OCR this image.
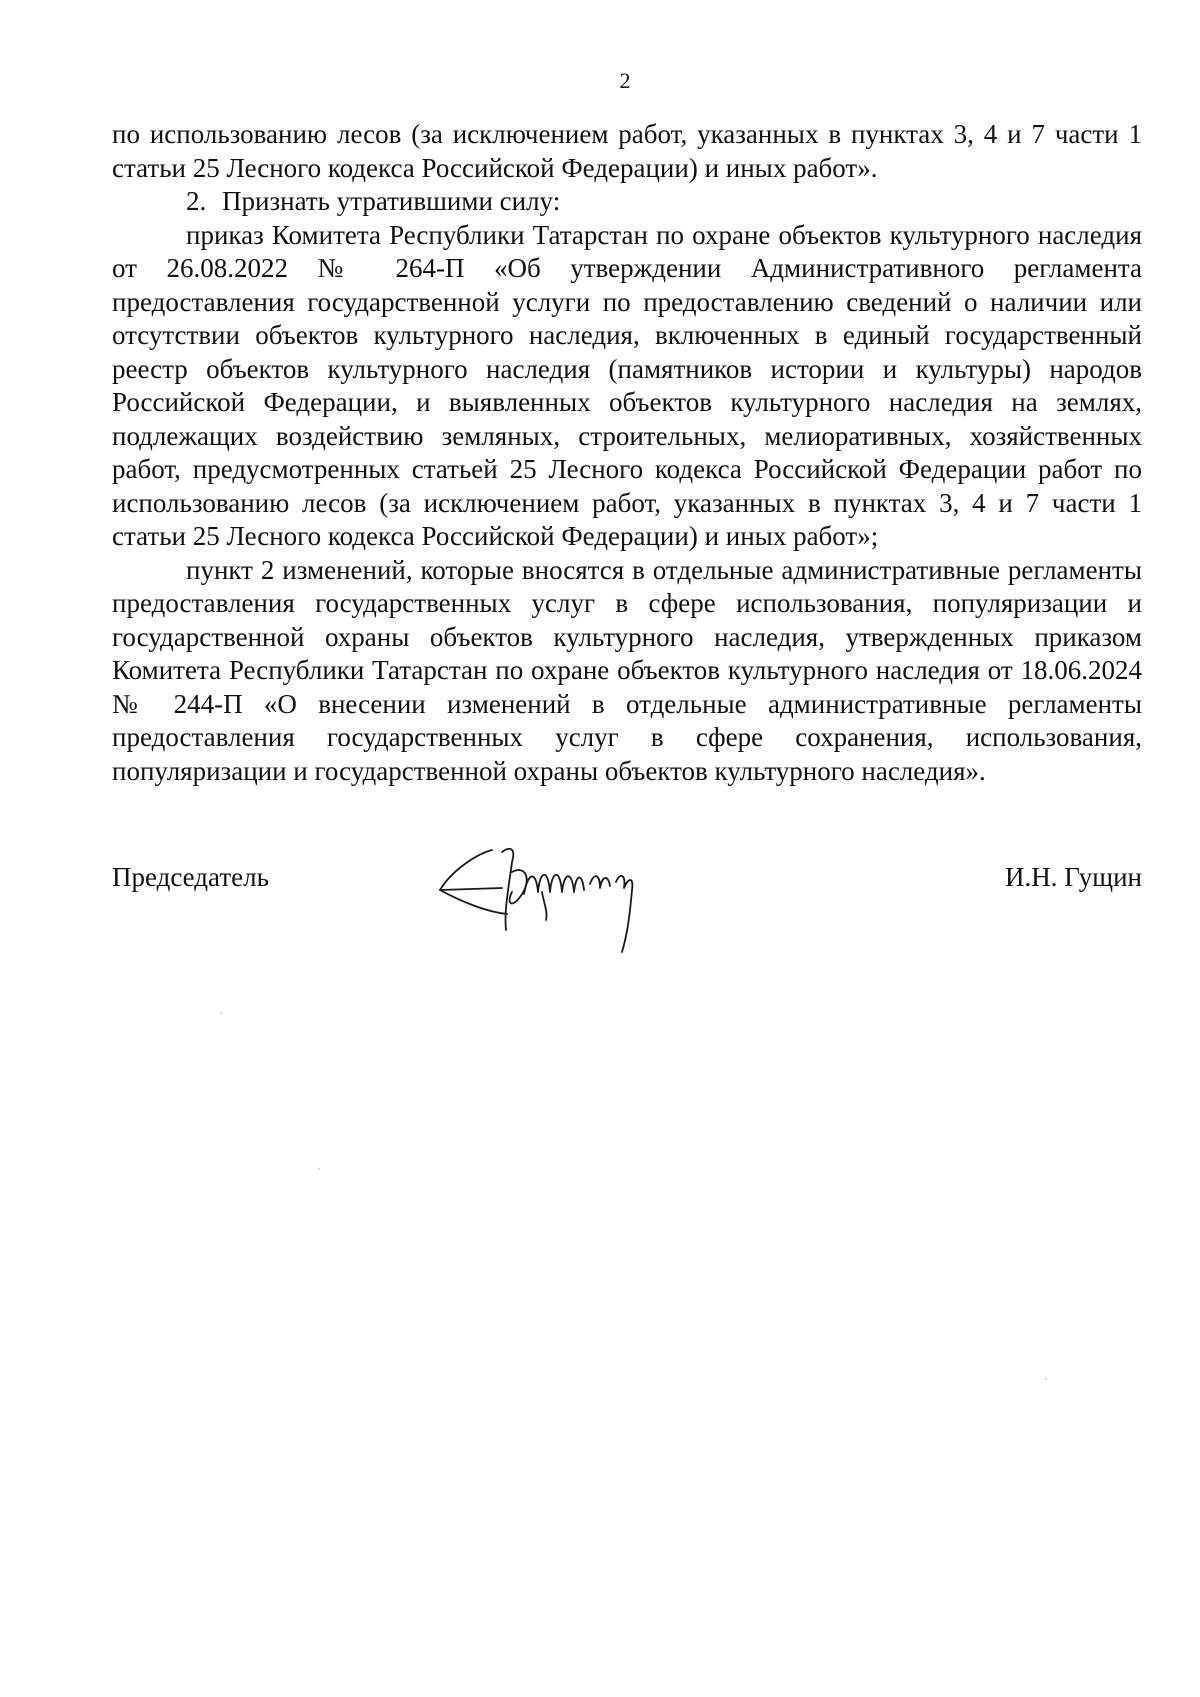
2

по использованию лесов (за исключением работ, указанных в пунктах 3, 4 и 7 части 1 статьи 25 Лесного кодекса Российской Федерации) и иных работ».

2. Признать утратившими силу:

приказ Комитета Республики Татарстан по охране объектов культурного наследия от 26.08.2022 № 264-П «Об утверждении Административного регламента предоставления государственной услуги по предоставлению сведений о наличии или отсутствии объектов культурного наследия, включенных в единый государственный реестр объектов культурного наследия (памятников истории и культуры) народов Российской Федерации, и выявленных объектов культурного наследия на землях, подлежащих воздействию земляных, строительных, мелиоративных, хозяйственных работ, предусмотренных статьей 25 Лесного кодекса Российской Федерации работ по использованию лесов (за исключением работ, указанных в пунктах 3, 4 и 7 части 1 статьи 25 Лесного кодекса Российской Федерации) и иных работ»;

пункт 2 изменений, которые вносятся в отдельные административные регламенты предоставления государственных услуг в сфере использования, популяризации и государственной охраны объектов культурного наследия, утвержденных приказом Комитета Республики Татарстан по охране объектов культурного наследия от 18.06.2024 № 244-П «О внесении изменений в отдельные административные регламенты предоставления государственных услуг в сфере сохранения, использования, популяризации и государственной охраны объектов культурного наследия».

Председатель	И.Н. Гущин
